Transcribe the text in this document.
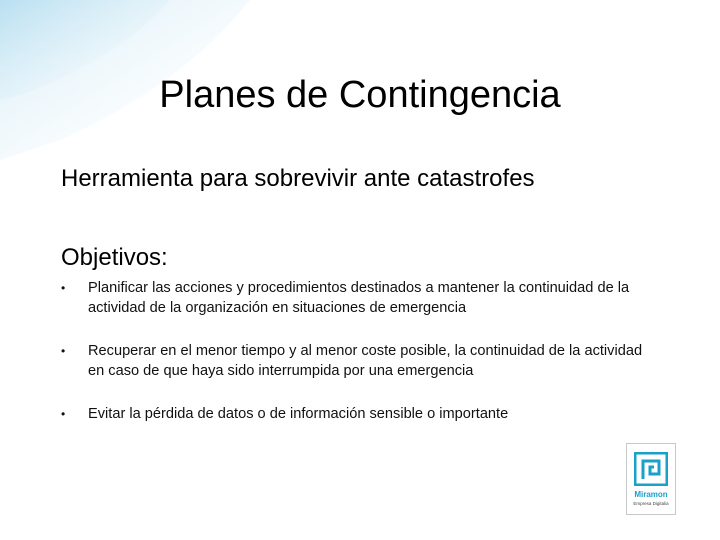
Planes de Contingencia
Herramienta para sobrevivir ante catastrofes
Objetivos:
• Planificar las acciones y procedimientos destinados a mantener la continuidad de la actividad de la organización en situaciones de emergencia
• Recuperar en el menor tiempo y al menor coste posible, la continuidad de la actividad en caso de que haya sido interrumpida por una emergencia
• Evitar la pérdida de datos o de información sensible o importante
Miramon
Empresa Digitalia
